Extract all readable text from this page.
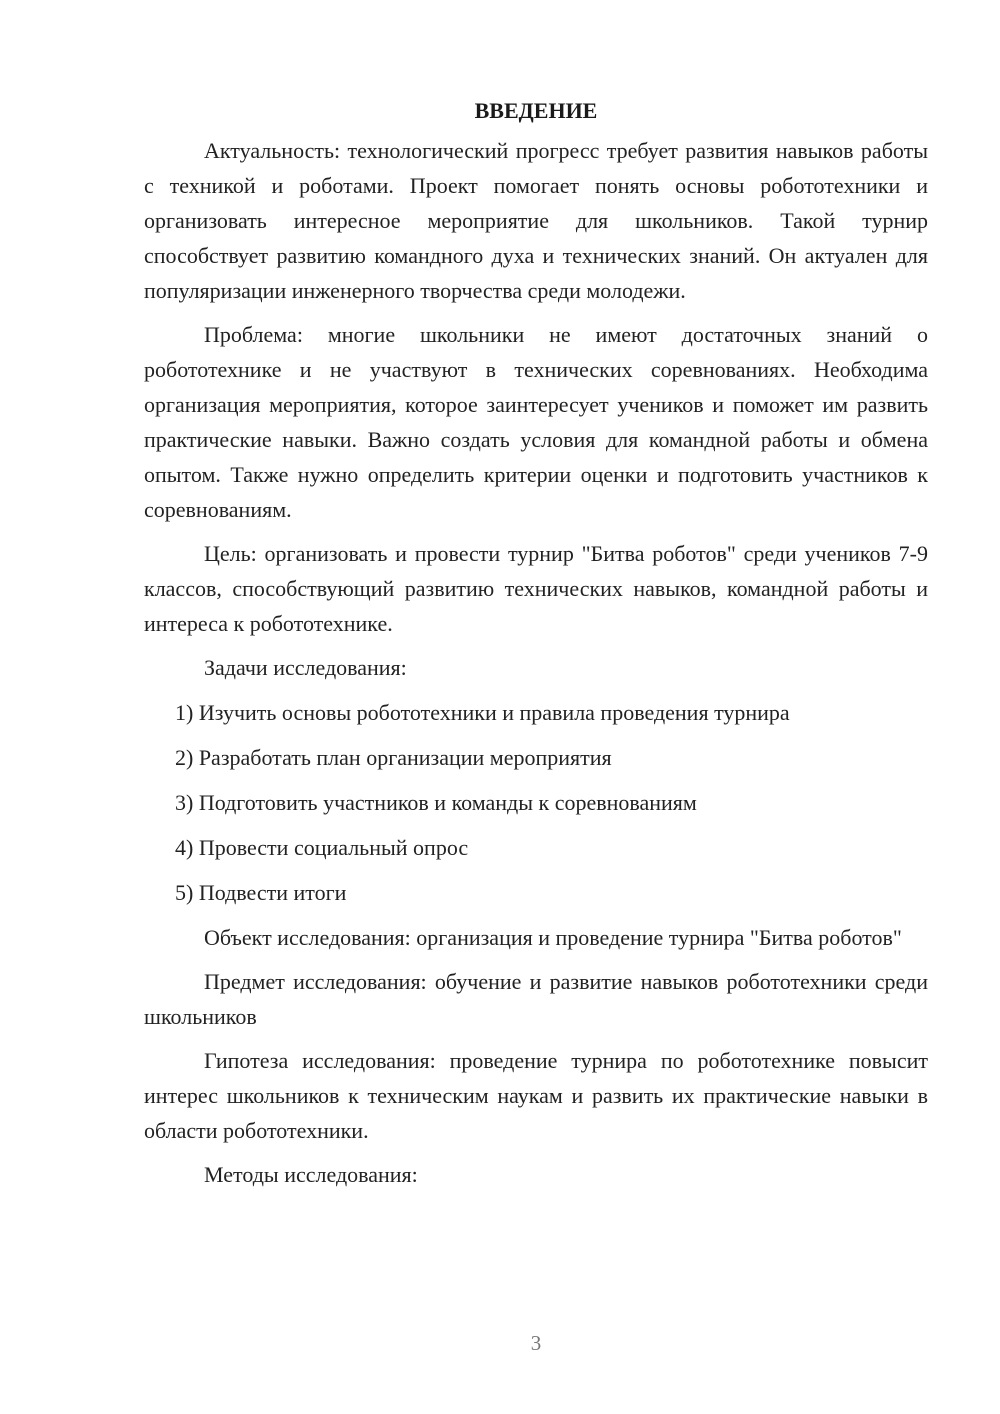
ВВЕДЕНИЕ

Актуальность: технологический прогресс требует развития навыков работы с техникой и роботами. Проект помогает понять основы робототехники и организовать интересное мероприятие для школьников. Такой турнир способствует развитию командного духа и технических знаний. Он актуален для популяризации инженерного творчества среди молодежи.

Проблема: многие школьники не имеют достаточных знаний о робототехнике и не участвуют в технических соревнованиях. Необходима организация мероприятия, которое заинтересует учеников и поможет им развить практические навыки. Важно создать условия для командной работы и обмена опытом. Также нужно определить критерии оценки и подготовить участников к соревнованиям.

Цель: организовать и провести турнир "Битва роботов" среди учеников 7-9 классов, способствующий развитию технических навыков, командной работы и интереса к робототехнике.

Задачи исследования:

1) Изучить основы робототехники и правила проведения турнира
2) Разработать план организации мероприятия
3) Подготовить участников и команды к соревнованиям
4) Провести социальный опрос
5) Подвести итоги

Объект исследования: организация и проведение турнира "Битва роботов"

Предмет исследования: обучение и развитие навыков робототехники среди школьников

Гипотеза исследования: проведение турнира по робототехнике повысит интерес школьников к техническим наукам и развить их практические навыки в области робототехники.

Методы исследования:

3
